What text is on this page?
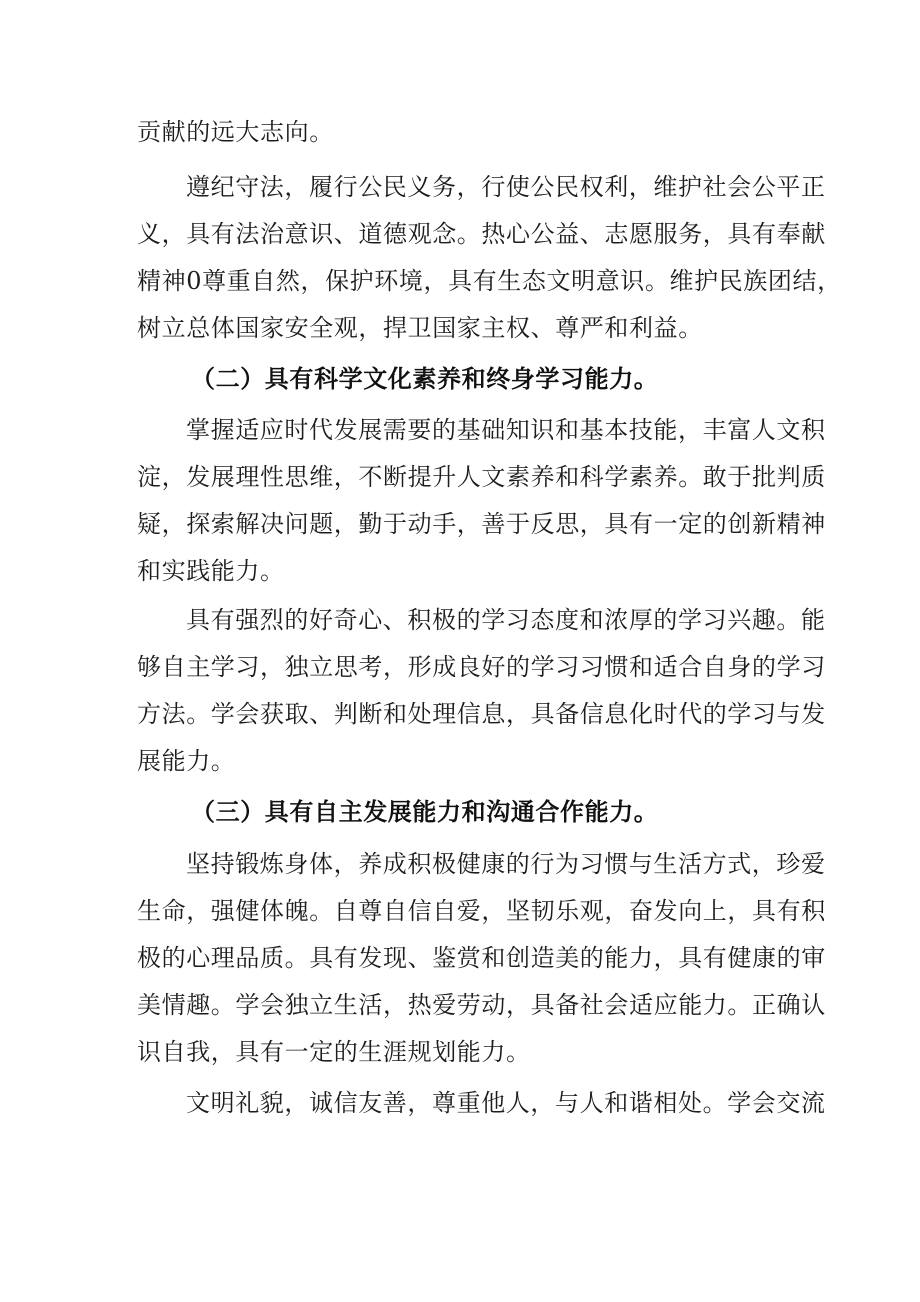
贡献的远大志向。
遵纪守法，履行公民义务，行使公民权利，维护社会公平正
义，具有法治意识、道德观念。热心公益、志愿服务，具有奉献
精神0尊重自然，保护环境，具有生态文明意识。维护民族团结，
树立总体国家安全观，捍卫国家主权、尊严和利益。
（二）具有科学文化素养和终身学习能力。
掌握适应时代发展需要的基础知识和基本技能，丰富人文积
淀，发展理性思维，不断提升人文素养和科学素养。敢于批判质
疑，探索解决问题，勤于动手，善于反思，具有一定的创新精神
和实践能力。
具有强烈的好奇心、积极的学习态度和浓厚的学习兴趣。能
够自主学习，独立思考，形成良好的学习习惯和适合自身的学习
方法。学会获取、判断和处理信息，具备信息化时代的学习与发
展能力。
（三）具有自主发展能力和沟通合作能力。
坚持锻炼身体，养成积极健康的行为习惯与生活方式，珍爱
生命，强健体魄。自尊自信自爱，坚韧乐观，奋发向上，具有积
极的心理品质。具有发现、鉴赏和创造美的能力，具有健康的审
美情趣。学会独立生活，热爱劳动，具备社会适应能力。正确认
识自我，具有一定的生涯规划能力。
文明礼貌，诚信友善，尊重他人，与人和谐相处。学会交流
